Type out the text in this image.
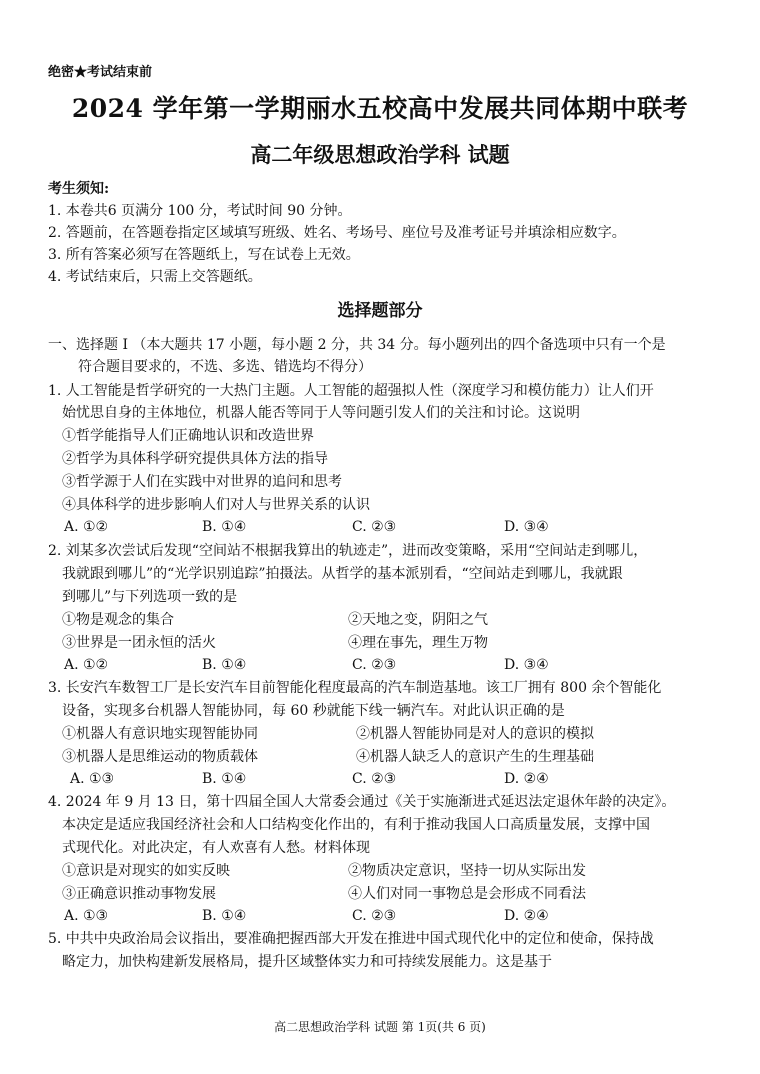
绝密★考试结束前
2024 学年第一学期丽水五校高中发展共同体期中联考
高二年级思想政治学科 试题
考生须知:
1. 本卷共6 页满分 100 分，考试时间 90 分钟。
2. 答题前，在答题卷指定区域填写班级、姓名、考场号、座位号及准考证号并填涂相应数字。
3. 所有答案必须写在答题纸上，写在试卷上无效。
4. 考试结束后，只需上交答题纸。
选择题部分
一、选择题 I （本大题共 17 小题，每小题 2 分，共 34 分。每小题列出的四个备选项中只有一个是
符合题目要求的，不选、多选、错选均不得分）
1. 人工智能是哲学研究的一大热门主题。人工智能的超强拟人性（深度学习和模仿能力）让人们开
始忧思自身的主体地位，机器人能否等同于人等问题引发人们的关注和讨论。这说明
①哲学能指导人们正确地认识和改造世界
②哲学为具体科学研究提供具体方法的指导
③哲学源于人们在实践中对世界的追问和思考
④具体科学的进步影响人们对人与世界关系的认识
A. ①②	B. ①④	C. ②③	D. ③④
2. 刘某多次尝试后发现“空间站不根据我算出的轨迹走”，进而改变策略，采用“空间站走到哪儿，
我就跟到哪儿”的“光学识别追踪”拍摄法。从哲学的基本派别看，“空间站走到哪儿，我就跟
到哪儿”与下列选项一致的是
①物是观念的集合	②天地之变，阴阳之气
③世界是一团永恒的活火	④理在事先，理生万物
A. ①②	B. ①④	C. ②③	D. ③④
3. 长安汽车数智工厂是长安汽车目前智能化程度最高的汽车制造基地。该工厂拥有 800 余个智能化
设备，实现多台机器人智能协同，每 60 秒就能下线一辆汽车。对此认识正确的是
①机器人有意识地实现智能协同	②机器人智能协同是对人的意识的模拟
③机器人是思维运动的物质载体	④机器人缺乏人的意识产生的生理基础
A. ①③	B. ①④	C. ②③	D. ②④
4. 2024 年 9 月 13 日，第十四届全国人大常委会通过《关于实施渐进式延迟法定退休年龄的决定》。
本决定是适应我国经济社会和人口结构变化作出的，有利于推动我国人口高质量发展，支撑中国
式现代化。对此决定，有人欢喜有人愁。材料体现
①意识是对现实的如实反映	②物质决定意识，坚持一切从实际出发
③正确意识推动事物发展	④人们对同一事物总是会形成不同看法
A. ①③	B. ①④	C. ②③	D. ②④
5. 中共中央政治局会议指出，要准确把握西部大开发在推进中国式现代化中的定位和使命，保持战
略定力，加快构建新发展格局，提升区域整体实力和可持续发展能力。这是基于
高二思想政治学科 试题 第 1页(共 6 页)
